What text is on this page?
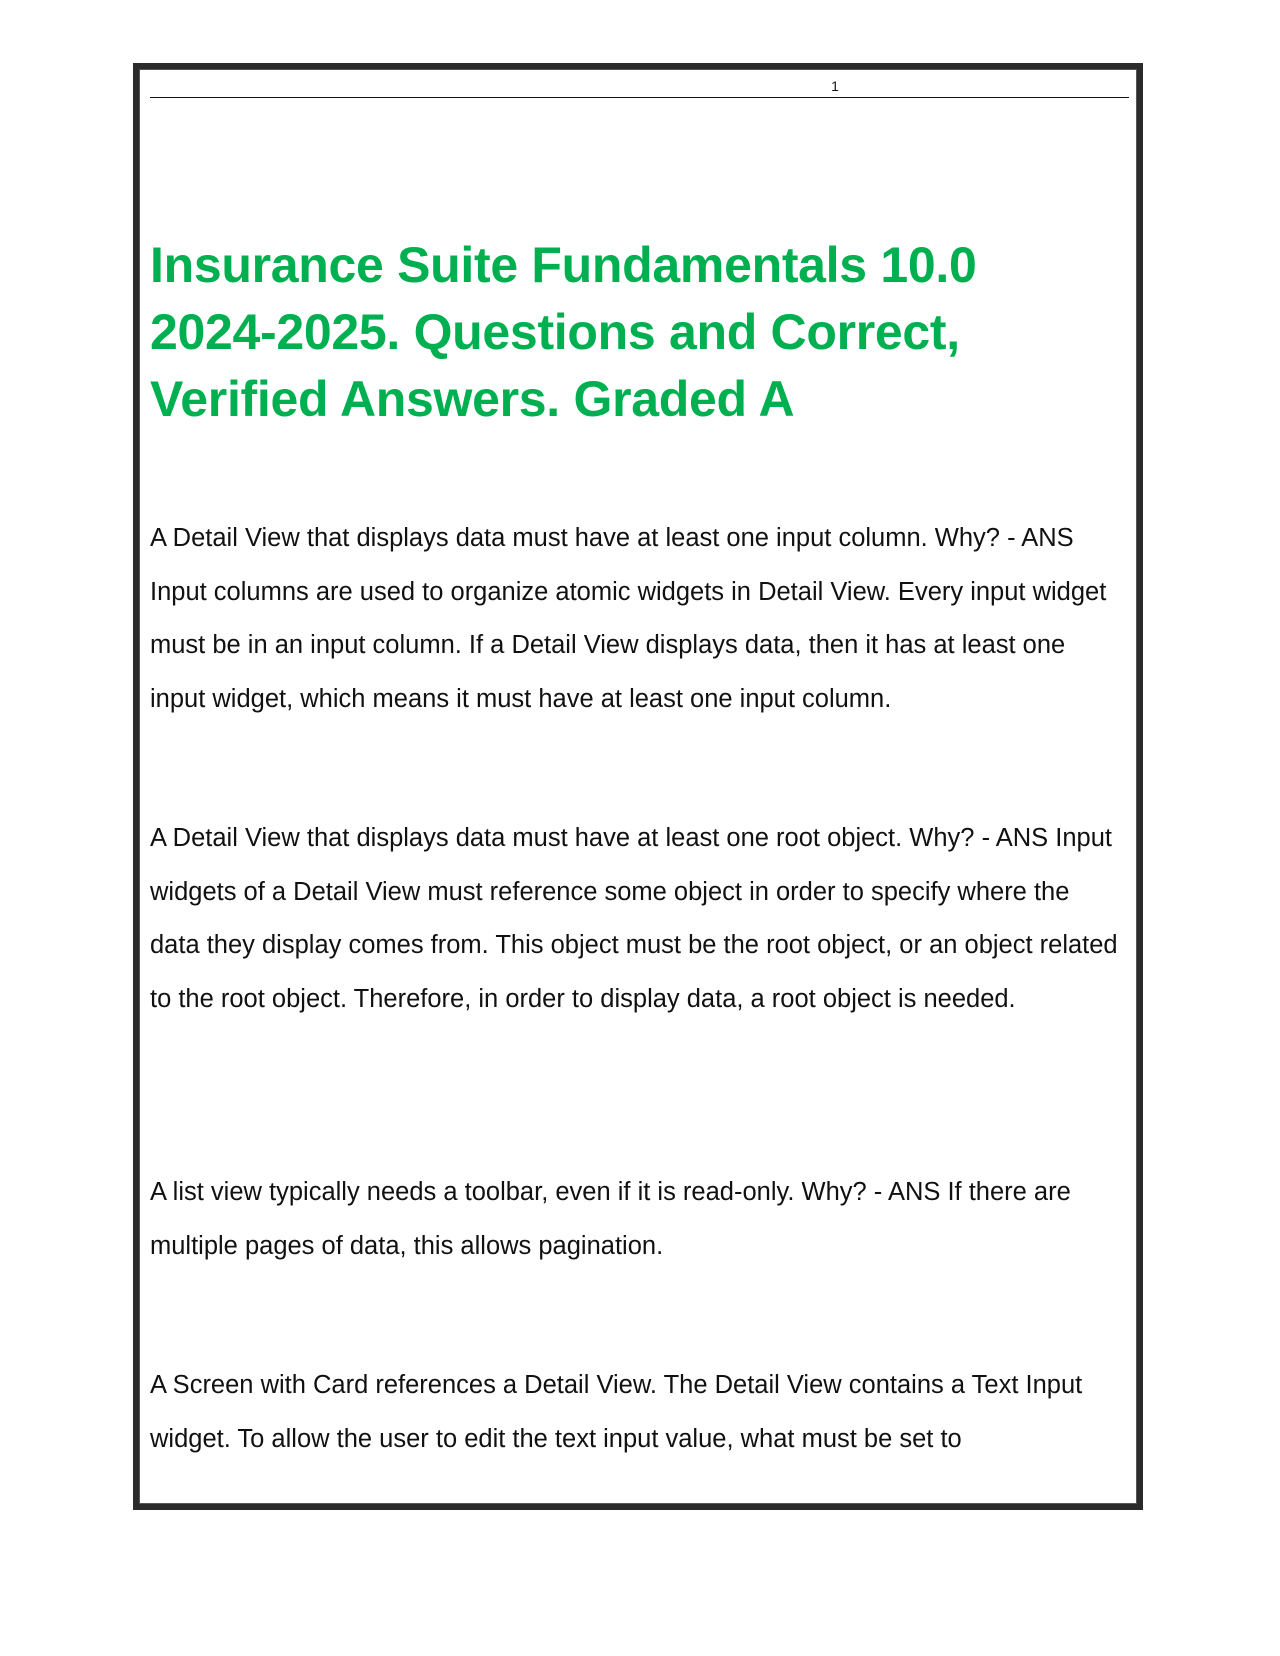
1
Insurance Suite Fundamentals 10.0 2024-2025. Questions and Correct, Verified Answers. Graded A

A Detail View that displays data must have at least one input column. Why? - ANS Input columns are used to organize atomic widgets in Detail View. Every input widget must be in an input column. If a Detail View displays data, then it has at least one input widget, which means it must have at least one input column.

A Detail View that displays data must have at least one root object. Why? - ANS Input widgets of a Detail View must reference some object in order to specify where the data they display comes from. This object must be the root object, or an object related to the root object. Therefore, in order to display data, a root object is needed.

A list view typically needs a toolbar, even if it is read-only. Why? - ANS If there are multiple pages of data, this allows pagination.

A Screen with Card references a Detail View. The Detail View contains a Text Input widget. To allow the user to edit the text input value, what must be set to
